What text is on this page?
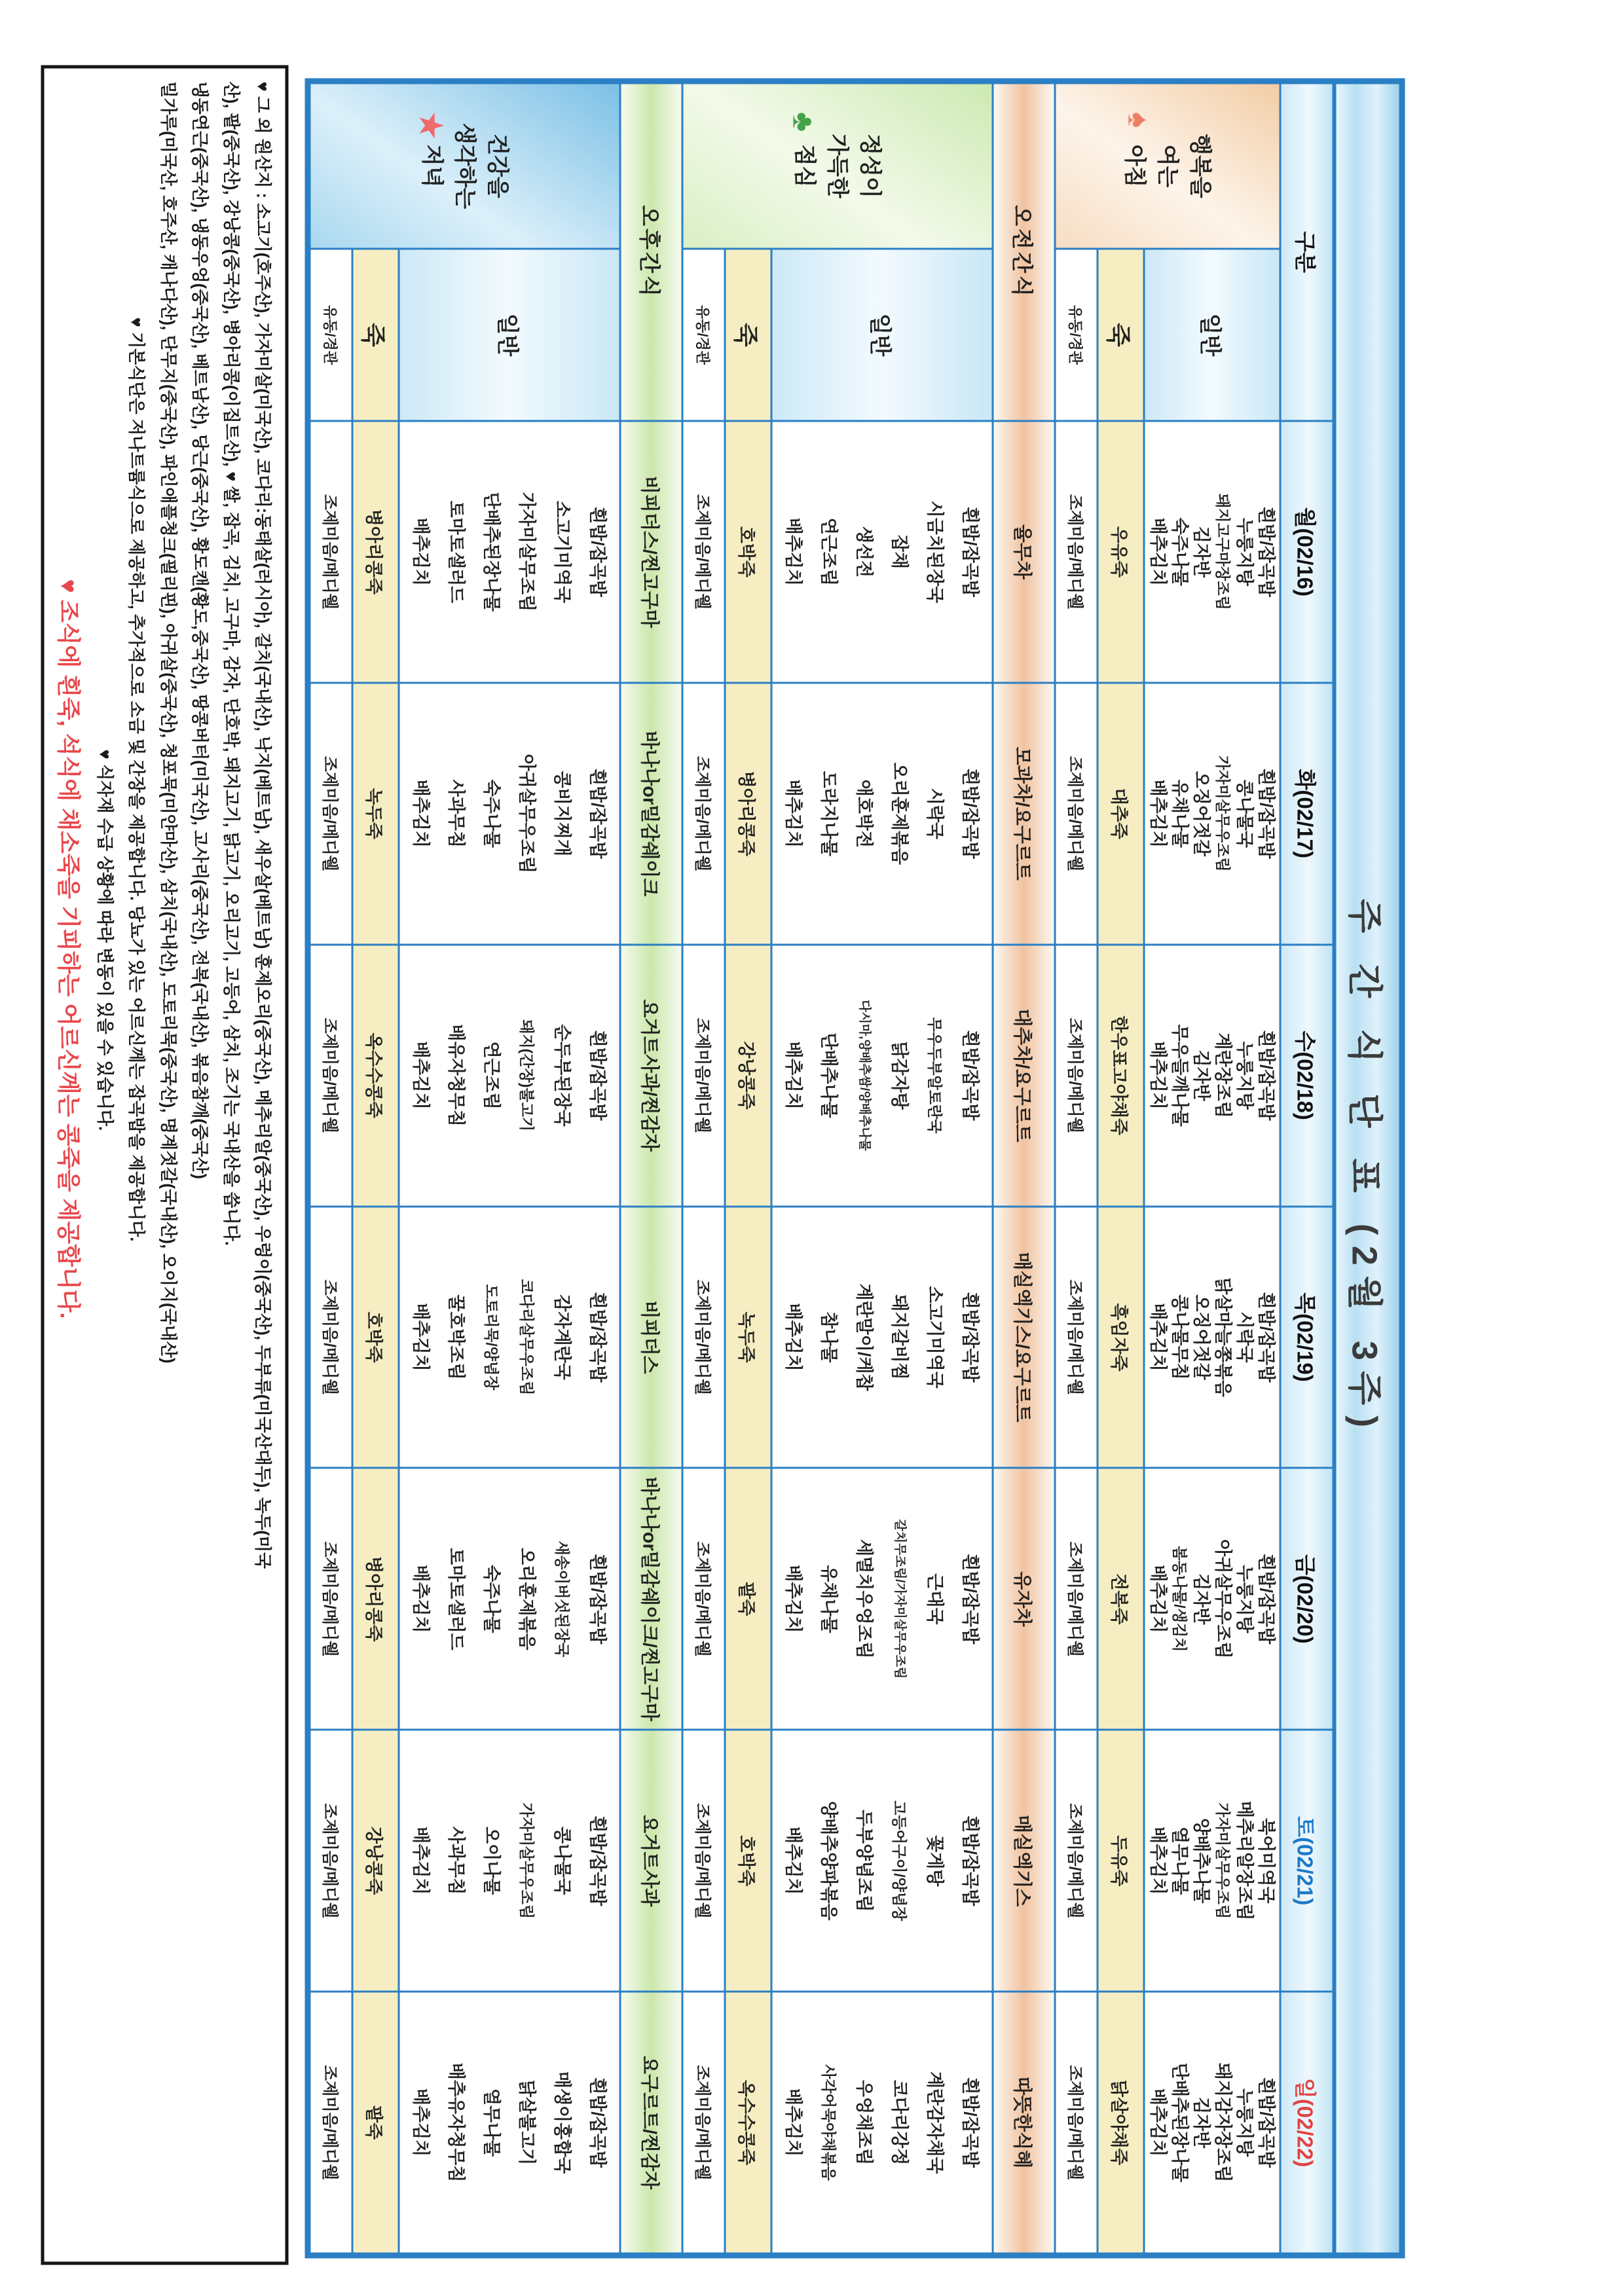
주 간 식 단 표 (2월 3주)
구분
월(02/16)
화(02/17)
수(02/18)
목(02/19)
금(02/20)
토(02/21)
일(02/22)
♠
행복을
여는
아침
일반
흰밥/잡곡밥
누룽지탕
돼지고구마장조림
김자반
숙주나물
배추김치
흰밥/잡곡밥
콩나물국
가자미살무우조림
오징어젓갈
유채나물
배추김치
흰밥/잡곡밥
누룽지탕
계란장조림
김자반
무우들깨나물
배추김치
흰밥/잡곡밥
시락국
닭살마늘쫑볶음
오징어젓갈
콩나물무침
배추김치
흰밥/잡곡밥
누룽지탕
아귀살무우조림
김자반
봄동나물/생김치
배추김치
북어미역국
메추리알장조림
가자미살무우조림
양배추나물
열무나물
배추김치
흰밥/잡곡밥
누룽지탕
돼지감자장조림
김자반
단배추된장나물
배추김치
죽
우유죽
대추죽
한우표고야채죽
흑임자죽
전복죽
두유죽
닭살야채죽
유동/경관
조제미음/메디웰
조제미음/메디웰
조제미음/메디웰
조제미음/메디웰
조제미음/메디웰
조제미음/메디웰
조제미음/메디웰
오전간식
율무차
모과차/요구르트
대추차/요구르트
매실엑기스/요구르트
유자차
매실엑기스
따뜻한식혜
♣
정성이
가득한
점심
일반
흰밥/잡곡밥
시금치된장국
잡채
생선전
연근조림
배추김치
흰밥/잡곡밥
시락국
오리훈제볶음
애호박전
도라지나물
배추김치
흰밥/잡곡밥
무우두부알토란국
닭감자탕
다시마,양배추쌈/양배추나물
단배추나물
배추김치
흰밥/잡곡밥
소고기미역국
돼지갈비찜
계란말이/케찹
참나물
배추김치
흰밥/잡곡밥
근대국
갈치무조림/가자미살무우조림
세멸치우엉조림
유채나물
배추김치
흰밥/잡곡밥
꽃게탕
고등어구이/양념장
두부양념조림
양배추양파볶음
배추김치
흰밥/잡곡밥
계란감자채국
코다리강정
우엉채조림
사각어묵야채볶음
배추김치
죽
호박죽
병아리콩죽
강낭콩죽
녹두죽
팥죽
호박죽
옥수수콩죽
유동/경관
조제미음/메디웰
조제미음/메디웰
조제미음/메디웰
조제미음/메디웰
조제미음/메디웰
조제미음/메디웰
조제미음/메디웰
오후간식
비피더스/찐고구마
바나나or밀감쉐이크
요거트사과/찐감자
비피더스
바나나or밀감쉐이크/찐고구마
요거트사과
요구르트/찐감자
★
건강을
생각하는
저녁
일반
흰밥/잡곡밥
소고기미역국
가자미살무조림
단배추된장나물
토마토샐러드
배추김치
흰밥/잡곡밥
콩비지찌개
아귀살무우조림
숙주나물
사과무침
배추김치
흰밥/잡곡밥
순두부된장국
돼지(간장)불고기
연근조림
배유자청무침
배추김치
흰밥/잡곡밥
감자계란국
코다리살무우조림
도토리묵/양념장
꿀호박조림
배추김치
흰밥/잡곡밥
새송이버섯된장국
오리훈제볶음
숙주나물
토마토샐러드
배추김치
흰밥/잡곡밥
콩나물국
가자미살무우조림
오이나물
사과무침
배추김치
흰밥/잡곡밥
매생이홍합국
닭살불고기
열무나물
배추유자청무침
배추김치
죽
병아리콩죽
녹두죽
옥수수콩죽
호박죽
병아리콩죽
강낭콩죽
팥죽
유동/경관
조제미음/메디웰
조제미음/메디웰
조제미음/메디웰
조제미음/메디웰
조제미음/메디웰
조제미음/메디웰
조제미음/메디웰
♥ 그 외 원산지 : 소고기(호주산), 가자미살(미국산), 코다리:동태살(러시아), 갈치(국내산), 낙지(베트남), 새우살(베트남) 훈제오리(중국산), 메추리알(중국산), 우렁이(중국산), 두부류(미국산대두), 녹두(미국
산), 팥(중국산), 강낭콩(중국산), 병아리콩(이집트산), ♥ 쌀, 잡곡, 김치, 고구마, 감자, 단호박, 돼지고기, 닭고기, 오리고기, 고등어, 삼치, 조기는 국내산을 씁니다.
냉동연근(중국산), 냉동우엉(중국산), 베트남산), 당근(중국산), 황도캔(황도,중국산), 땅콩버터(미국산), 고사리(중국산), 전복(국내산), 볶음참깨(중국산)
밀가루(미국산, 호주산, 캐나다산), 단무지(중국산), 파인애플청크(필리핀), 아귀살(중국산), 청포묵(미얀마산), 삼치(국내산), 도토리묵(중국산), 명계젓갈(국내산), 오이지(국내산)
♥ 기본식단은 저나트륨식으로 제공하고, 추가적으로 소금 및 간장을 제공합니다. 당뇨가 있는 어르신께는 잡곡밥을 제공합니다.
♥ 식자재 수급 상황에 따라 변동이 있을 수 있습니다.
♥ 조식에 흰죽, 석식에 채소죽을 기피하는 어르신께는 콩죽을 제공합니다.
